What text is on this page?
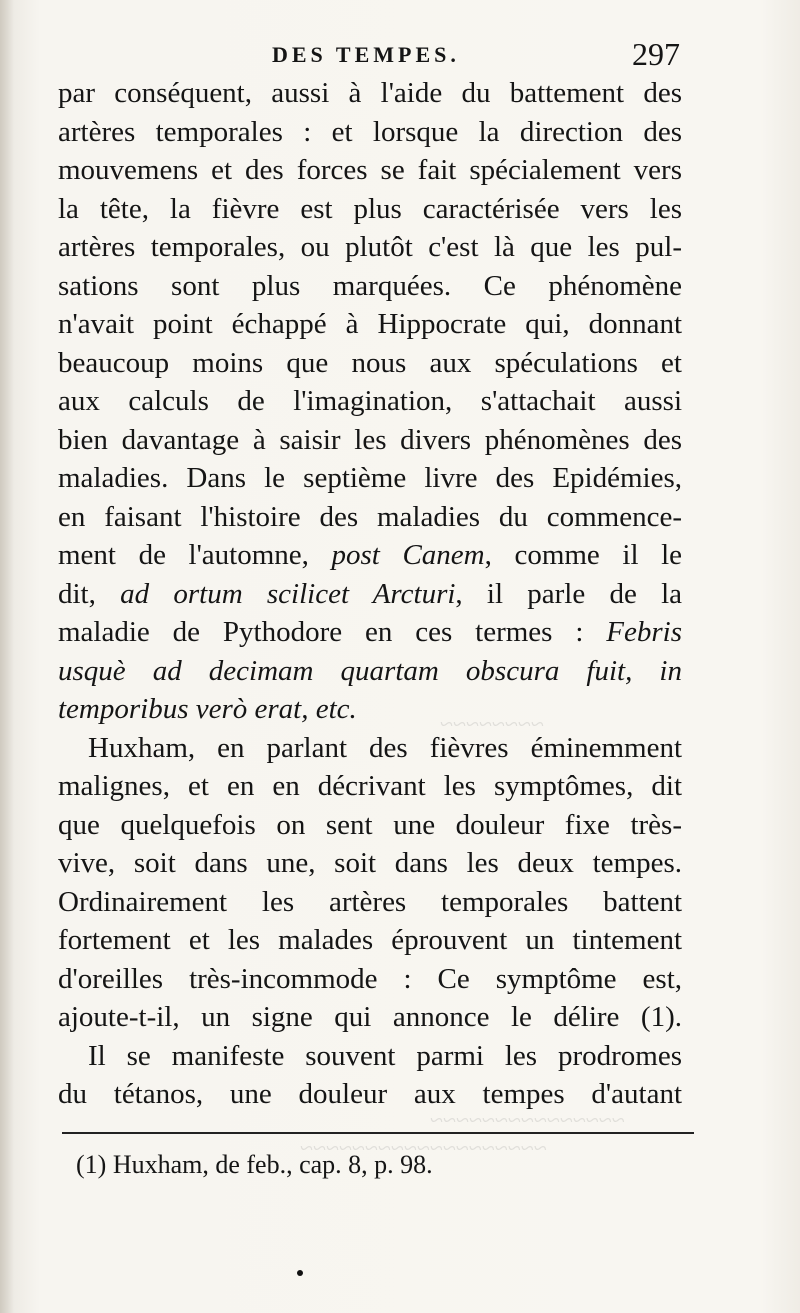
~~~~~~~~
~~~~~~~~~~~~~~~
~~~~~~~~~~~~~~~~~~~
DES TEMPES.	297
par conséquent, aussi à l'aide du battement des
artères temporales : et lorsque la direction des
mouvemens et des forces se fait spécialement vers
la tête, la fièvre est plus caractérisée vers les
artères temporales, ou plutôt c'est là que les pul-
sations sont plus marquées. Ce phénomène
n'avait point échappé à Hippocrate qui, donnant
beaucoup moins que nous aux spéculations et
aux calculs de l'imagination, s'attachait aussi
bien davantage à saisir les divers phénomènes des
maladies. Dans le septième livre des Epidémies,
en faisant l'histoire des maladies du commence-
ment de l'automne, post Canem, comme il le
dit, ad ortum scilicet Arcturi, il parle de la
maladie de Pythodore en ces termes : Febris
usquè ad decimam quartam obscura fuit, in
temporibus verò erat, etc.
Huxham, en parlant des fièvres éminemment
malignes, et en en décrivant les symptômes, dit
que quelquefois on sent une douleur fixe très-
vive, soit dans une, soit dans les deux tempes.
Ordinairement les artères temporales battent
fortement et les malades éprouvent un tintement
d'oreilles très-incommode : Ce symptôme est,
ajoute-t-il, un signe qui annonce le délire (1).
Il se manifeste souvent parmi les prodromes
du tétanos, une douleur aux tempes d'autant
(1) Huxham, de feb., cap. 8, p. 98.
